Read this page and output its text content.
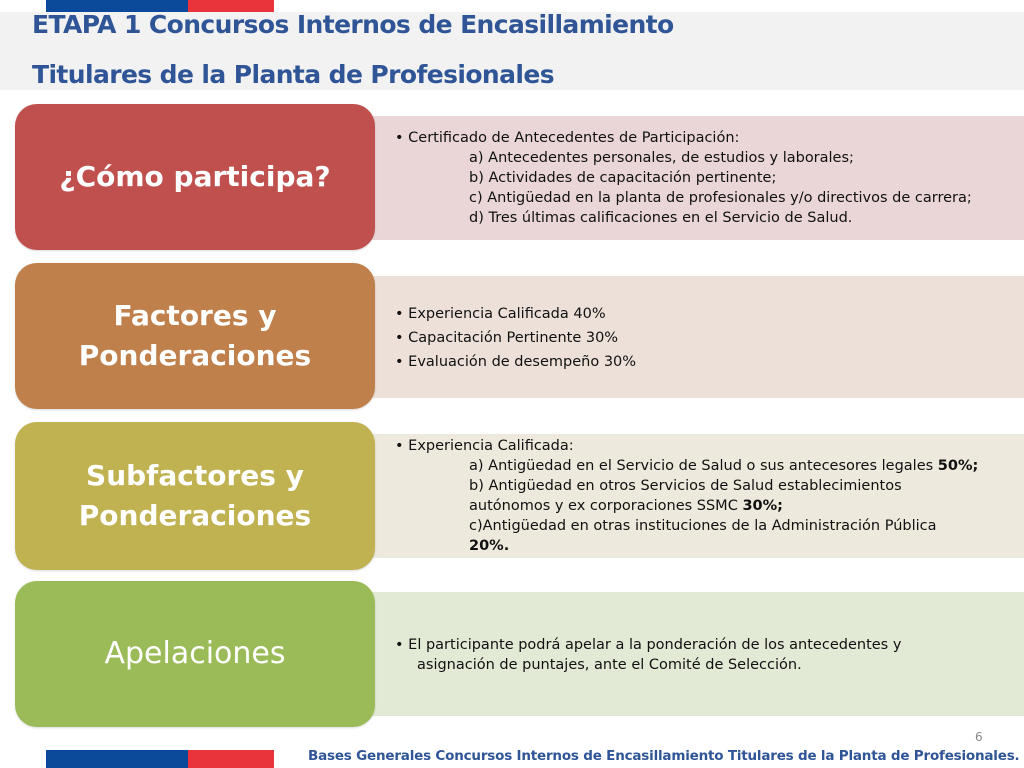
ETAPA 1 Concursos Internos de Encasillamiento
Titulares de la Planta de Profesionales
¿Cómo participa?
• Certificado de Antecedentes de Participación:
a) Antecedentes personales, de estudios y laborales;
b) Actividades de capacitación pertinente;
c) Antigüedad en la planta de profesionales y/o directivos de carrera;
d) Tres últimas calificaciones en el Servicio de Salud.
Factores y
Ponderaciones
• Experiencia Calificada 40%
• Capacitación Pertinente 30%
• Evaluación de desempeño 30%
Subfactores y
Ponderaciones
• Experiencia Calificada:
a) Antigüedad en el Servicio de Salud o sus antecesores legales 50%;
b) Antigüedad en otros Servicios de Salud establecimientos
autónomos y ex corporaciones SSMC 30%;
c)Antigüedad en otras instituciones de la Administración Pública
20%.
Apelaciones	• El participante podrá apelar a la ponderación de los antecedentes y
asignación de puntajes, ante el Comité de Selección.
6
Bases Generales Concursos Internos de Encasillamiento Titulares de la Planta de Profesionales.
